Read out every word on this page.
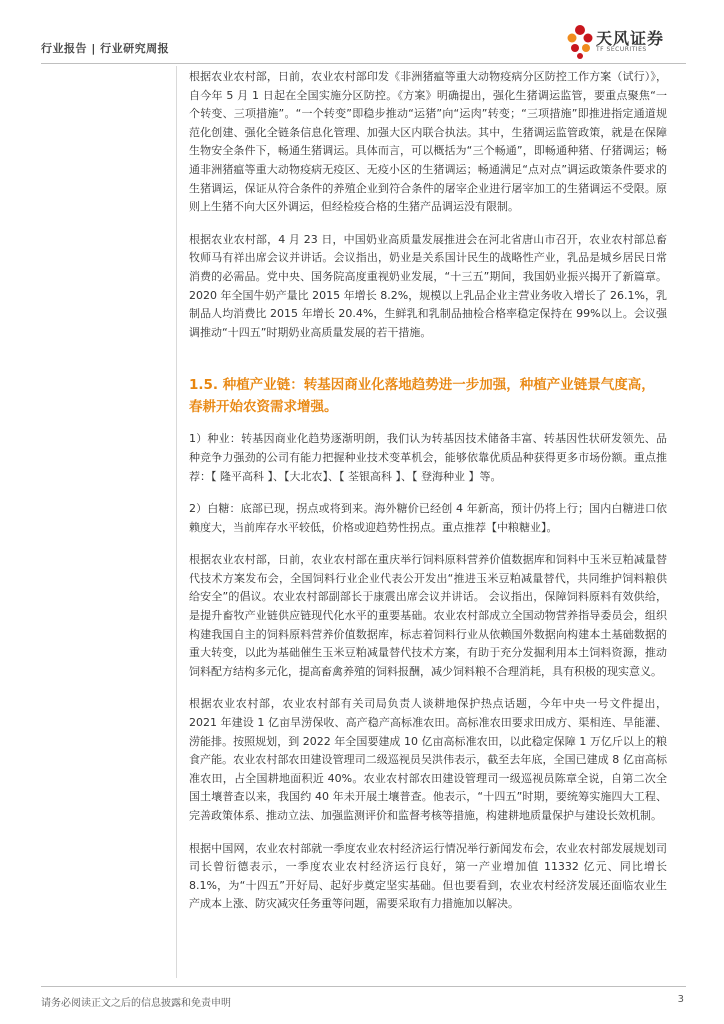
行业报告 | 行业研究周报
天风证券
TF SECURITIES

根据农业农村部，日前，农业农村部印发《非洲猪瘟等重大动物疫病分区防控工作方案（试行）》，自今年 5 月 1 日起在全国实施分区防控。《方案》明确提出，强化生猪调运监管，要重点聚焦“一个转变、三项措施”。“一个转变”即稳步推动“运猪”向“运肉”转变；“三项措施”即推进指定通道规范化创建、强化全链条信息化管理、加强大区内联合执法。其中，生猪调运监管政策，就是在保障生物安全条件下，畅通生猪调运。具体而言，可以概括为“三个畅通”，即畅通种猪、仔猪调运；畅通非洲猪瘟等重大动物疫病无疫区、无疫小区的生猪调运；畅通满足“点对点”调运政策条件要求的生猪调运，保证从符合条件的养殖企业到符合条件的屠宰企业进行屠宰加工的生猪调运不受限。原则上生猪不向大区外调运，但经检疫合格的生猪产品调运没有限制。

根据农业农村部，4 月 23 日，中国奶业高质量发展推进会在河北省唐山市召开，农业农村部总畜牧师马有祥出席会议并讲话。会议指出，奶业是关系国计民生的战略性产业，乳品是城乡居民日常消费的必需品。党中央、国务院高度重视奶业发展，“十三五”期间，我国奶业振兴揭开了新篇章。2020 年全国牛奶产量比 2015 年增长 8.2%，规模以上乳品企业主营业务收入增长了 26.1%，乳制品人均消费比 2015 年增长 20.4%，生鲜乳和乳制品抽检合格率稳定保持在 99%以上。会议强调推动“十四五”时期奶业高质量发展的若干措施。

1.5. 种植产业链：转基因商业化落地趋势进一步加强，种植产业链景气度高，春耕开始农资需求增强。

1）种业：转基因商业化趋势逐渐明朗，我们认为转基因技术储备丰富、转基因性状研发领先、品种竞争力强劲的公司有能力把握种业技术变革机会，能够依靠优质品种获得更多市场份额。重点推荐：【 隆平高科 】、【大北农】、【 荃银高科 】、【 登海种业 】等。

2）白糖：底部已现，拐点或将到来。海外糖价已经创 4 年新高，预计仍将上行；国内白糖进口依赖度大，当前库存水平较低，价格或迎趋势性拐点。重点推荐【中粮糖业】。

根据农业农村部，日前，农业农村部在重庆举行饲料原料营养价值数据库和饲料中玉米豆粕减量替代技术方案发布会，全国饲料行业企业代表公开发出“推进玉米豆粕减量替代，共同维护饲料粮供给安全”的倡议。农业农村部副部长于康震出席会议并讲话。 会议指出，保障饲料原料有效供给，是提升畜牧产业链供应链现代化水平的重要基础。农业农村部成立全国动物营养指导委员会，组织构建我国自主的饲料原料营养价值数据库，标志着饲料行业从依赖国外数据向构建本土基础数据的重大转变，以此为基础催生玉米豆粕减量替代技术方案，有助于充分发掘利用本土饲料资源，推动饲料配方结构多元化，提高畜禽养殖的饲料报酬，减少饲料粮不合理消耗，具有积极的现实意义。

根据农业农村部，农业农村部有关司局负责人谈耕地保护热点话题，今年中央一号文件提出，2021 年建设 1 亿亩旱涝保收、高产稳产高标准农田。高标准农田要求田成方、渠相连、旱能灌、涝能排。按照规划，到 2022 年全国要建成 10 亿亩高标准农田，以此稳定保障 1 万亿斤以上的粮食产能。农业农村部农田建设管理司二级巡视员吴洪伟表示，截至去年底，全国已建成 8 亿亩高标准农田，占全国耕地面积近 40%。农业农村部农田建设管理司一级巡视员陈章全说，自第二次全国土壤普查以来，我国约 40 年未开展土壤普查。他表示，“十四五”时期，要统筹实施四大工程、完善政策体系、推动立法、加强监测评价和监督考核等措施，构建耕地质量保护与建设长效机制。

根据中国网，农业农村部就一季度农业农村经济运行情况举行新闻发布会，农业农村部发展规划司司长曾衍德表示，一季度农业农村经济运行良好，第一产业增加值 11332 亿元、同比增长 8.1%，为“十四五”开好局、起好步奠定坚实基础。但也要看到，农业农村经济发展还面临农业生产成本上涨、防灾减灾任务重等问题，需要采取有力措施加以解决。

请务必阅读正文之后的信息披露和免责申明	3
